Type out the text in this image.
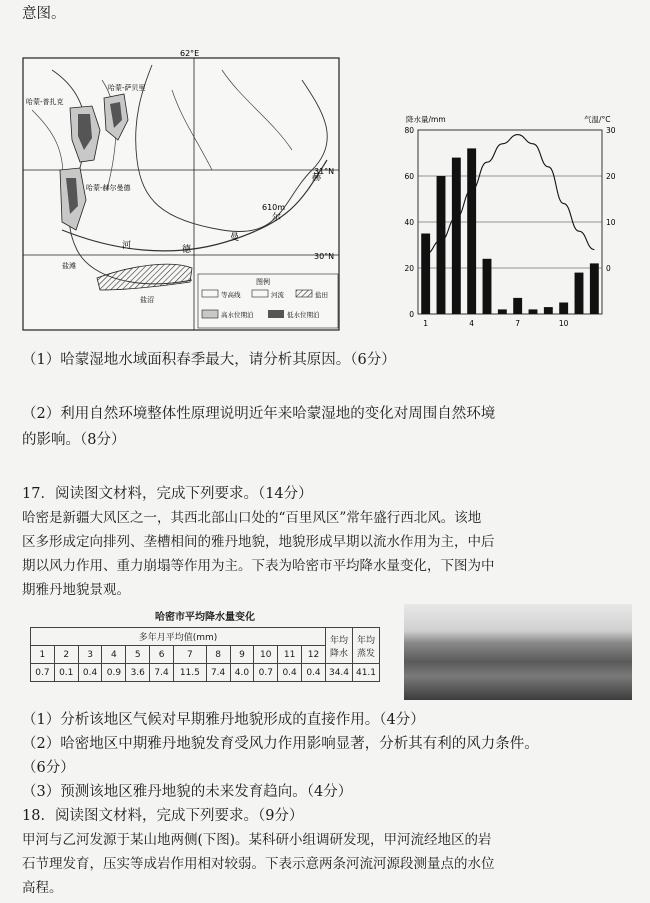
意图。
62°E
31°N
30°N
哈蒙-普扎克
哈蒙-萨贝里
哈蒙-赫尔曼德
610m
河	德
曼
尔
赫
盐滩
盐沼
图例
等高线	河流	盐田
高水位期泊	低水位期泊
降水量/mm	气温/°C
0
20
40
60
80
0
10
20
30
1	4	7	10
（1）哈蒙湿地水域面积春季最大，请分析其原因。（6分）
（2）利用自然环境整体性原理说明近年来哈蒙湿地的变化对周围自然环境
的影响。（8分）
17．阅读图文材料，完成下列要求。（14分）
哈密是新疆大风区之一，其西北部山口处的“百里风区”常年盛行西北风。该地
区多形成定向排列、垄槽相间的雅丹地貌，地貌形成早期以流水作用为主，中后
期以风力作用、重力崩塌等作用为主。下表为哈密市平均降水量变化，下图为中
期雅丹地貌景观。
哈密市平均降水量变化
多年月平均值(mm)												年均降水	年均蒸发
1	2	3	4	5	6	7	8	9	10	11	12		
0.7	0.1	0.4	0.9	3.6	7.4	11.5	7.4	4.0	0.7	0.4	0.4	34.4	41.1
（1）分析该地区气候对早期雅丹地貌形成的直接作用。（4分）
（2）哈密地区中期雅丹地貌发育受风力作用影响显著，分析其有利的风力条件。
（6分）
（3）预测该地区雅丹地貌的未来发育趋向。（4分）
18．阅读图文材料，完成下列要求。（9分）
甲河与乙河发源于某山地两侧(下图)。某科研小组调研发现，甲河流经地区的岩
石节理发育，压实等成岩作用相对较弱。下表示意两条河流河源段测量点的水位
高程。
